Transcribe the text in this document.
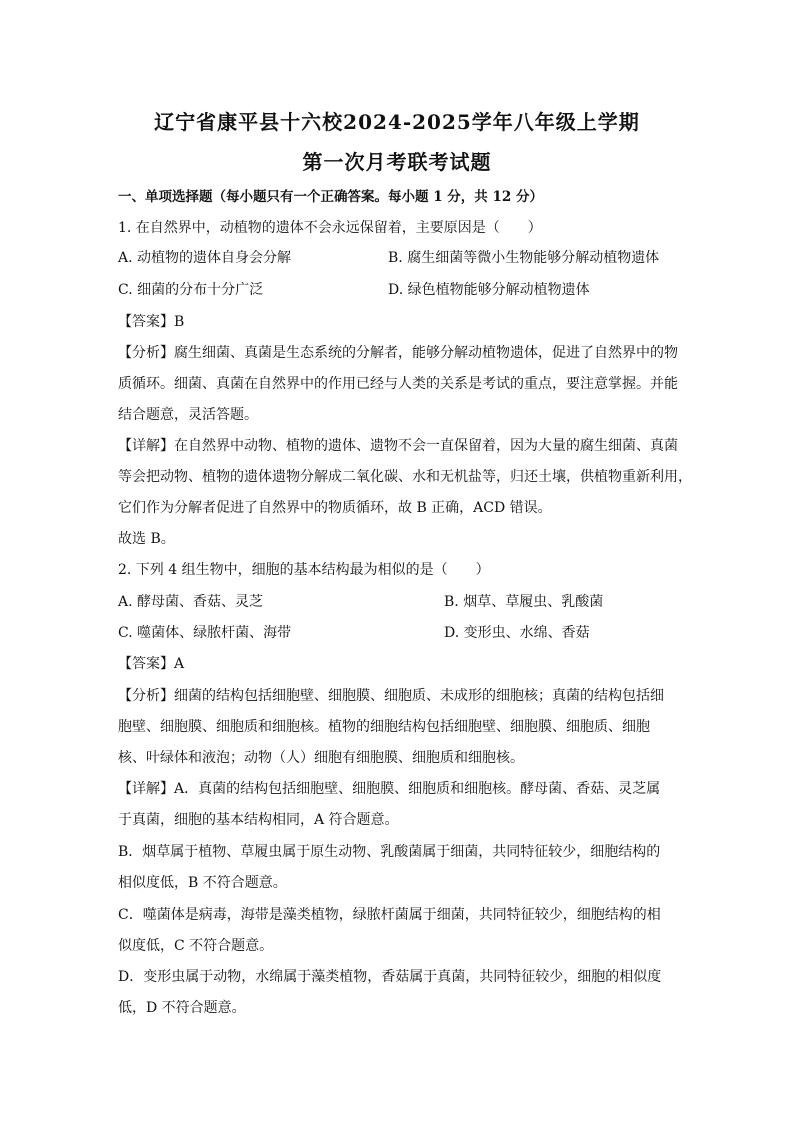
辽宁省康平县十六校2024-2025学年八年级上学期
第一次月考联考试题
一、单项选择题（每小题只有一个正确答案。每小题 1 分，共 12 分）
1. 在自然界中，动植物的遗体不会永远保留着，主要原因是（　　）
A. 动植物的遗体自身会分解	B. 腐生细菌等微小生物能够分解动植物遗体
C. 细菌的分布十分广泛	D. 绿色植物能够分解动植物遗体
【答案】B
【分析】腐生细菌、真菌是生态系统的分解者，能够分解动植物遗体，促进了自然界中的物
质循环。细菌、真菌在自然界中的作用已经与人类的关系是考试的重点，要注意掌握。并能
结合题意，灵活答题。
【详解】在自然界中动物、植物的遗体、遗物不会一直保留着，因为大量的腐生细菌、真菌
等会把动物、植物的遗体遗物分解成二氧化碳、水和无机盐等，归还土壤，供植物重新利用，
它们作为分解者促进了自然界中的物质循环，故 B 正确，ACD 错误。
故选 B。
2. 下列 4 组生物中，细胞的基本结构最为相似的是（　　）
A. 酵母菌、香菇、灵芝	B. 烟草、草履虫、乳酸菌
C. 噬菌体、绿脓杆菌、海带	D. 变形虫、水绵、香菇
【答案】A
【分析】细菌的结构包括细胞壁、细胞膜、细胞质、未成形的细胞核；真菌的结构包括细
胞壁、细胞膜、细胞质和细胞核。植物的细胞结构包括细胞壁、细胞膜、细胞质、细胞
核、叶绿体和液泡；动物（人）细胞有细胞膜、细胞质和细胞核。
【详解】A．真菌的结构包括细胞壁、细胞膜、细胞质和细胞核。酵母菌、香菇、灵芝属
于真菌，细胞的基本结构相同，A 符合题意。
B．烟草属于植物、草履虫属于原生动物、乳酸菌属于细菌，共同特征较少，细胞结构的
相似度低，B 不符合题意。
C．噬菌体是病毒，海带是藻类植物，绿脓杆菌属于细菌，共同特征较少，细胞结构的相
似度低，C 不符合题意。
D．变形虫属于动物，水绵属于藻类植物，香菇属于真菌，共同特征较少，细胞的相似度
低，D 不符合题意。
